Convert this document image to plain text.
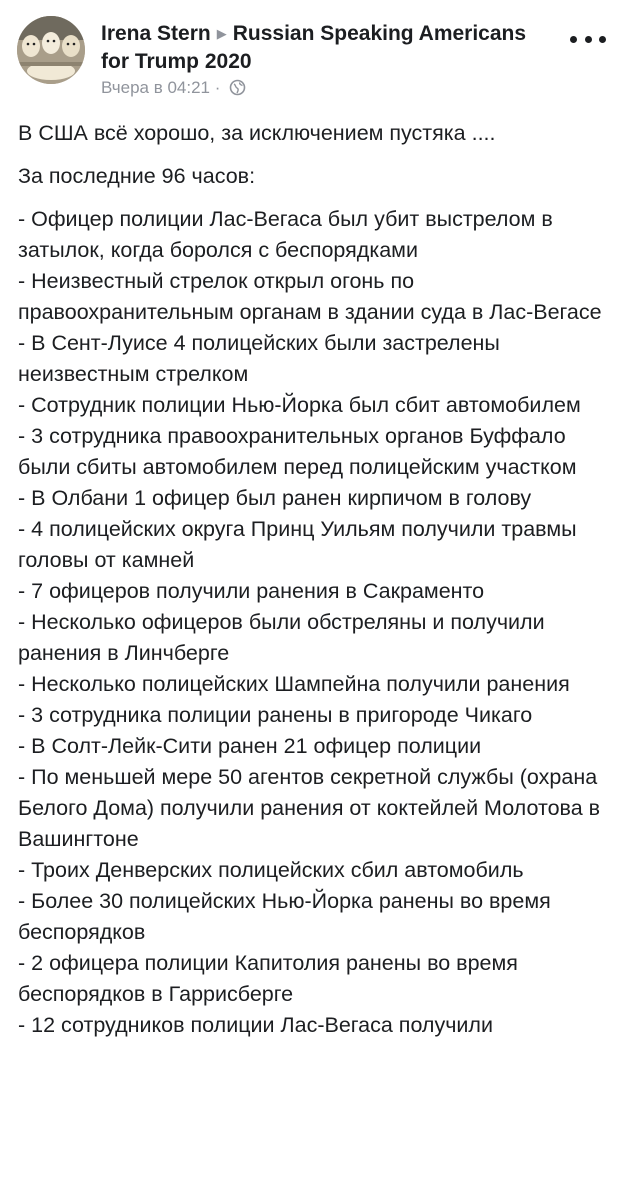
Irena Stern ▶ Russian Speaking Americans for Trump 2020
Вчера в 04:21 ·

В США всё хорошо, за исключением пустяка ....

За последние 96 часов:

- Офицер полиции Лас-Вегаса был убит выстрелом в затылок, когда боролся с беспорядками
- Неизвестный стрелок открыл огонь по правоохранительным органам в здании суда в Лас-Вегасе
- В Сент-Луисе 4 полицейских были застрелены неизвестным стрелком
- Сотрудник полиции Нью-Йорка был сбит автомобилем
- 3 сотрудника правоохранительных органов Буффало были сбиты автомобилем перед полицейским участком
- В Олбани 1 офицер был ранен кирпичом в голову
- 4 полицейских округа Принц Уильям получили травмы головы от камней
- 7 офицеров получили ранения в Сакраменто
- Несколько офицеров были обстреляны и получили ранения в Линчберге
- Несколько полицейских Шампейна получили ранения
- 3 сотрудника полиции ранены в пригороде Чикаго
- В Солт-Лейк-Сити ранен 21 офицер полиции
- По меньшей мере 50 агентов секретной службы (охрана Белого Дома) получили ранения от коктейлей Молотова в Вашингтоне
- Троих Денверских полицейских сбил автомобиль
- Более 30 полицейских Нью-Йорка ранены во время беспорядков
- 2 офицера полиции Капитолия ранены во время беспорядков в Гаррисберге
- 12 сотрудников полиции Лас-Вегаса получили
